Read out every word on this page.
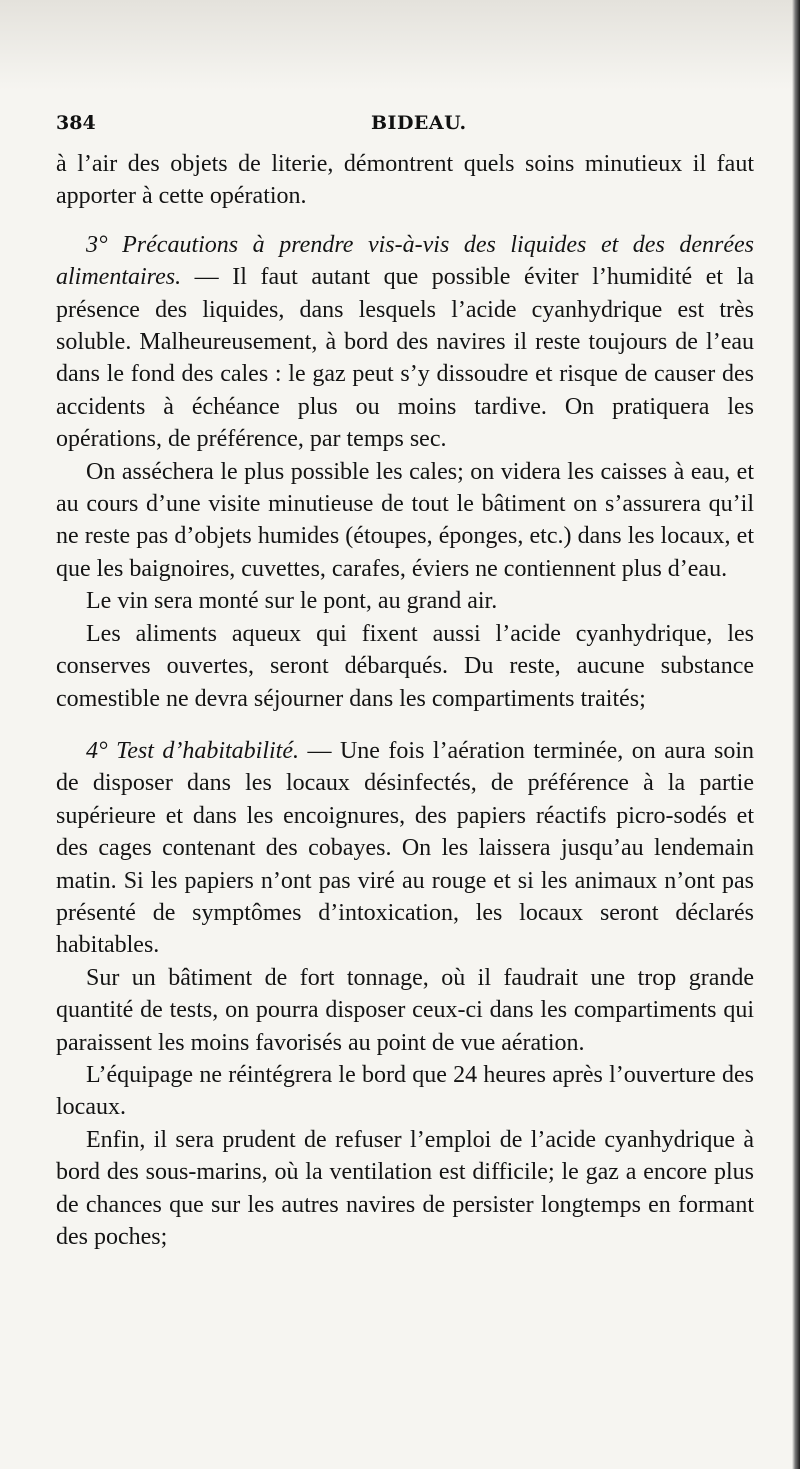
384	BIDEAU.

à l’air des objets de literie, démontrent quels soins minutieux il faut apporter à cette opération.

3° Précautions à prendre vis-à-vis des liquides et des denrées alimentaires. — Il faut autant que possible éviter l’humidité et la présence des liquides, dans lesquels l’acide cyanhydrique est très soluble. Malheureusement, à bord des navires il reste toujours de l’eau dans le fond des cales : le gaz peut s’y dissoudre et risque de causer des accidents à échéance plus ou moins tardive. On pratiquera les opérations, de préférence, par temps sec.

On asséchera le plus possible les cales; on videra les caisses à eau, et au cours d’une visite minutieuse de tout le bâtiment on s’assurera qu’il ne reste pas d’objets humides (étoupes, éponges, etc.) dans les locaux, et que les baignoires, cuvettes, carafes, éviers ne contiennent plus d’eau.

Le vin sera monté sur le pont, au grand air.

Les aliments aqueux qui fixent aussi l’acide cyanhydrique, les conserves ouvertes, seront débarqués. Du reste, aucune substance comestible ne devra séjourner dans les compartiments traités;

4° Test d’habitabilité. — Une fois l’aération terminée, on aura soin de disposer dans les locaux désinfectés, de préférence à la partie supérieure et dans les encoignures, des papiers réactifs picro-sodés et des cages contenant des cobayes. On les laissera jusqu’au lendemain matin. Si les papiers n’ont pas viré au rouge et si les animaux n’ont pas présenté de symptômes d’intoxication, les locaux seront déclarés habitables.

Sur un bâtiment de fort tonnage, où il faudrait une trop grande quantité de tests, on pourra disposer ceux-ci dans les compartiments qui paraissent les moins favorisés au point de vue aération.

L’équipage ne réintégrera le bord que 24 heures après l’ouverture des locaux.

Enfin, il sera prudent de refuser l’emploi de l’acide cyanhydrique à bord des sous-marins, où la ventilation est difficile; le gaz a encore plus de chances que sur les autres navires de persister longtemps en formant des poches;
